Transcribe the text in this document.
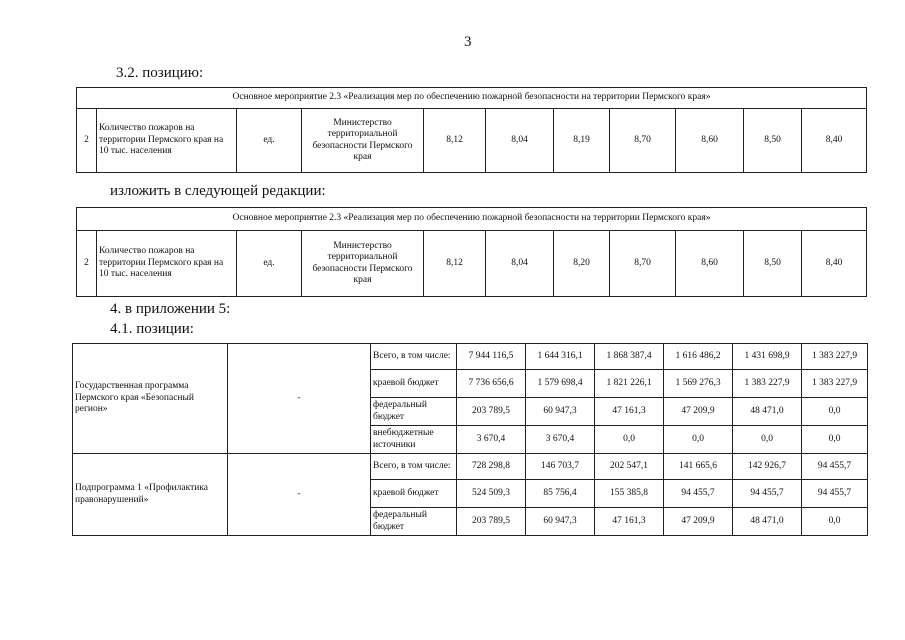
3
3.2. позицию:
Основное мероприятие 2.3 «Реализация мер по обеспечению пожарной безопасности на территории Пермского края»
2	Количество пожаров на территории Пермского края на 10 тыс. населения	ед.	Министерство территориальной безопасности Пермского края	8,12	8,04	8,19	8,70	8,60	8,50	8,40
изложить в следующей редакции:
Основное мероприятие 2.3 «Реализация мер по обеспечению пожарной безопасности на территории Пермского края»
2	Количество пожаров на территории Пермского края на 10 тыс. населения	ед.	Министерство территориальной безопасности Пермского края	8,12	8,04	8,20	8,70	8,60	8,50	8,40
4. в приложении 5:
4.1. позиции:
Государственная программа Пермского края «Безопасный регион»	-	Всего, в том числе:	7 944 116,5	1 644 316,1	1 868 387,4	1 616 486,2	1 431 698,9	1 383 227,9
		краевой бюджет	7 736 656,6	1 579 698,4	1 821 226,1	1 569 276,3	1 383 227,9	1 383 227,9
		федеральный бюджет	203 789,5	60 947,3	47 161,3	47 209,9	48 471,0	0,0
		внебюджетные источники	3 670,4	3 670,4	0,0	0,0	0,0	0,0
Подпрограмма 1 «Профилактика правонарушений»	-	Всего, в том числе:	728 298,8	146 703,7	202 547,1	141 665,6	142 926,7	94 455,7
		краевой бюджет	524 509,3	85 756,4	155 385,8	94 455,7	94 455,7	94 455,7
		федеральный бюджет	203 789,5	60 947,3	47 161,3	47 209,9	48 471,0	0,0
